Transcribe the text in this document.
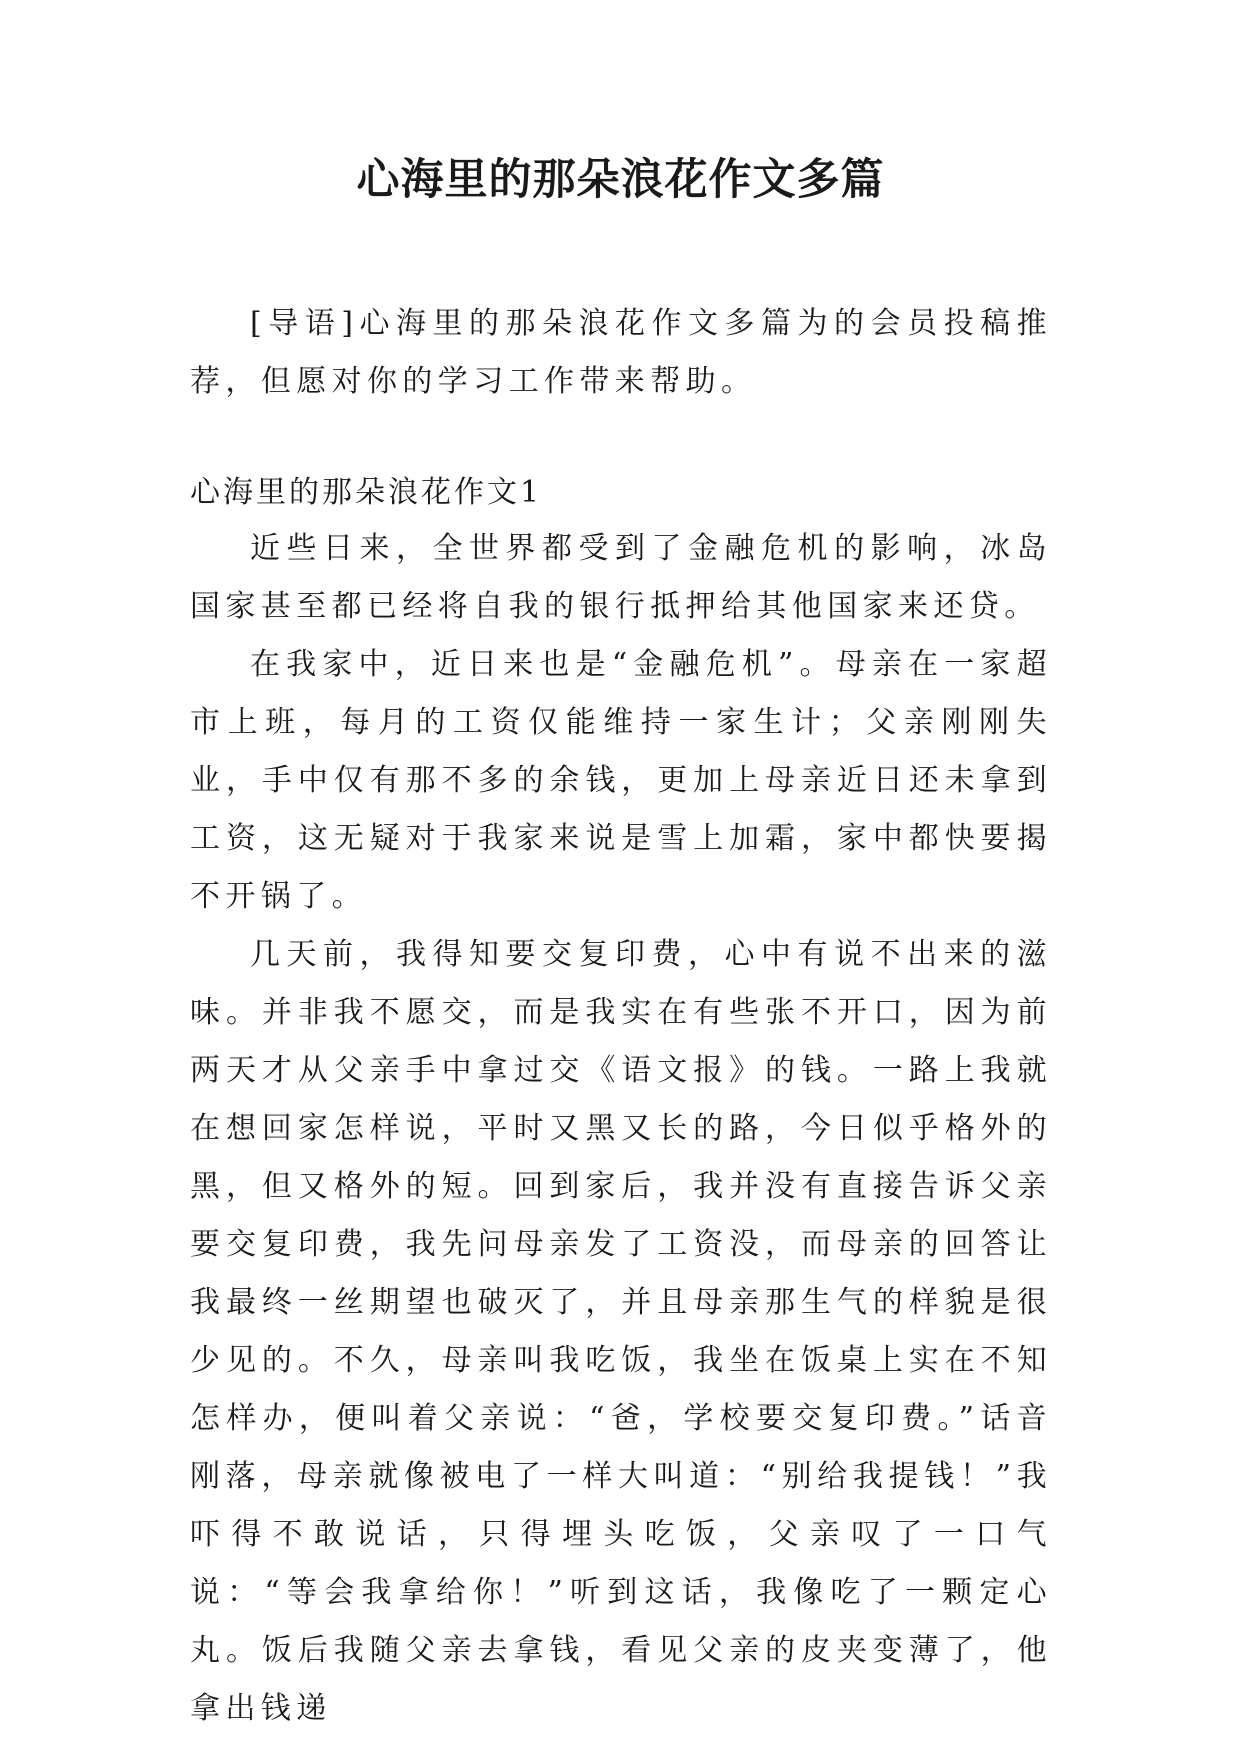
心海里的那朵浪花作文多篇

[导语]心海里的那朵浪花作文多篇为的会员投稿推荐，但愿对你的学习工作带来帮助。

心海里的那朵浪花作文1

近些日来，全世界都受到了金融危机的影响，冰岛国家甚至都已经将自我的银行抵押给其他国家来还贷。

在我家中，近日来也是“金融危机”。母亲在一家超市上班，每月的工资仅能维持一家生计；父亲刚刚失业，手中仅有那不多的余钱，更加上母亲近日还未拿到工资，这无疑对于我家来说是雪上加霜，家中都快要揭不开锅了。

几天前，我得知要交复印费，心中有说不出来的滋味。并非我不愿交，而是我实在有些张不开口，因为前两天才从父亲手中拿过交《语文报》的钱。一路上我就在想回家怎样说，平时又黑又长的路，今日似乎格外的黑，但又格外的短。回到家后，我并没有直接告诉父亲要交复印费，我先问母亲发了工资没，而母亲的回答让我最终一丝期望也破灭了，并且母亲那生气的样貌是很少见的。不久，母亲叫我吃饭，我坐在饭桌上实在不知怎样办，便叫着父亲说：“爸，学校要交复印费。”话音刚落，母亲就像被电了一样大叫道：“别给我提钱！”我吓得不敢说话，只得埋头吃饭，父亲叹了一口气说：“等会我拿给你！”听到这话，我像吃了一颗定心丸。饭后我随父亲去拿钱，看见父亲的皮夹变薄了，他拿出钱递
